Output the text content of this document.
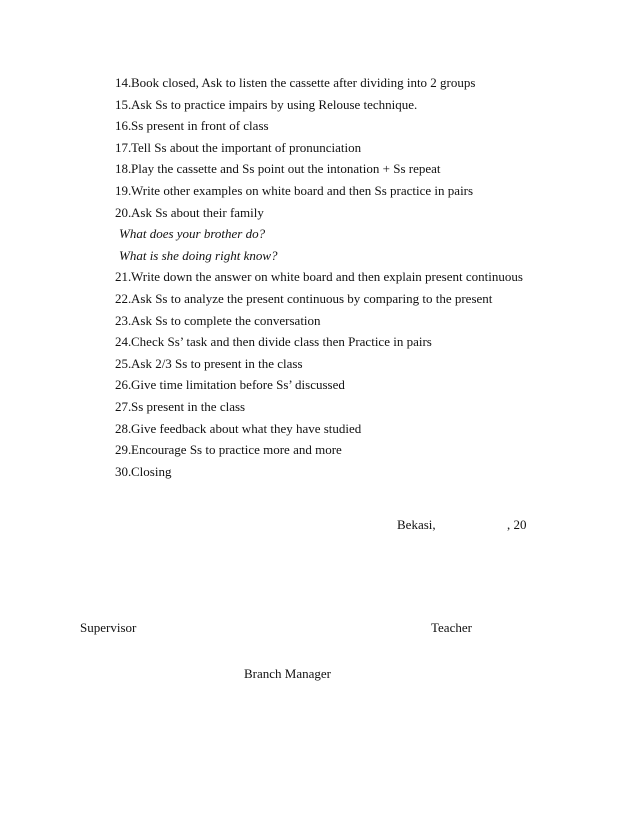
14. Book closed, Ask to listen the cassette after dividing into 2 groups
15. Ask Ss to practice impairs by using Relouse technique.
16. Ss present in front of class
17. Tell Ss about the important of pronunciation
18. Play the cassette and Ss point out the intonation + Ss repeat
19. Write other examples on white board and then Ss practice in pairs
20. Ask Ss about their family
What does your brother do?
What is she doing right know?
21. Write down the answer on white board and then explain present continuous
22. Ask Ss to analyze the present continuous by comparing to the present
23. Ask Ss to complete the conversation
24. Check Ss’ task and then divide class then Practice in pairs
25. Ask 2/3 Ss to present in the class
26. Give time limitation before Ss’ discussed
27. Ss present in the class
28. Give feedback about what they have studied
29. Encourage Ss to practice more and more
30. Closing
Bekasi,	, 20
Supervisor	Teacher
Branch Manager
